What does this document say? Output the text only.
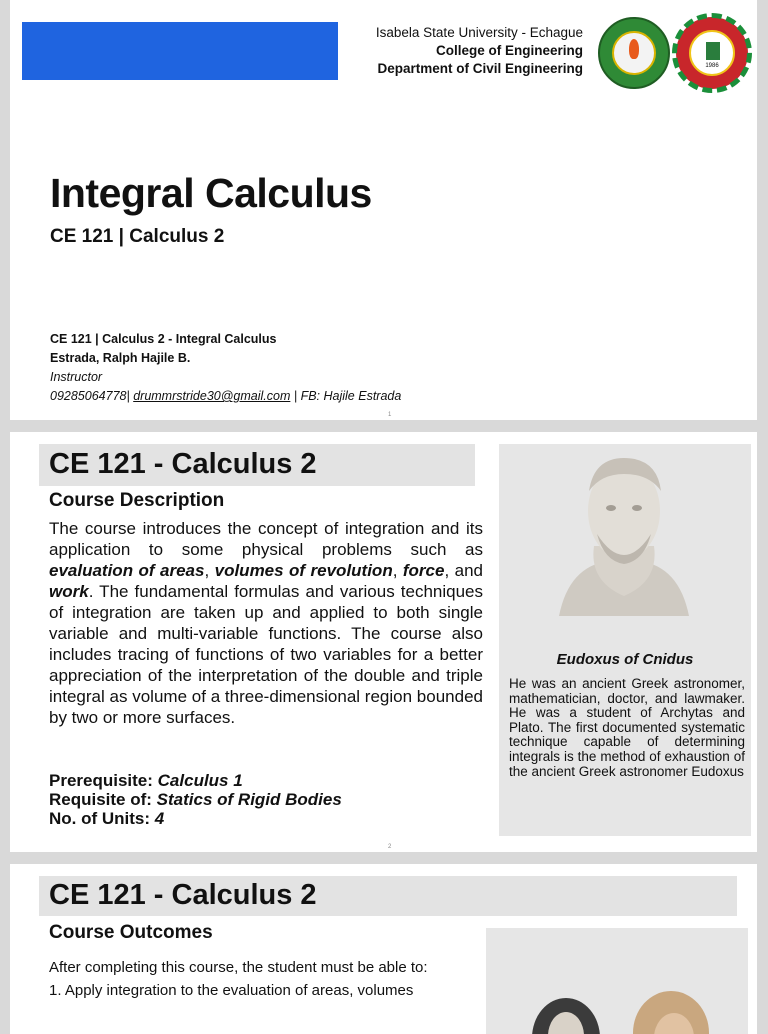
Isabela State University - Echague
College of Engineering
Department of Civil Engineering	1986
Integral Calculus
CE 121 | Calculus 2
CE 121 | Calculus 2 - Integral Calculus
Estrada, Ralph Hajile B.
Instructor
09285064778| drummrstride30@gmail.com | FB: Hajile Estrada
1
CE 121 - Calculus 2
Course Description
The course introduces the concept of integration and its application to some physical problems such as evaluation of areas, volumes of revolution, force, and work. The fundamental formulas and various techniques of integration are taken up and applied to both single variable and multi-variable functions. The course also includes tracing of functions of two variables for a better appreciation of the interpretation of the double and triple integral as volume of a three-dimensional region bounded by two or more surfaces.
Prerequisite: Calculus 1
Requisite of: Statics of Rigid Bodies
No. of Units: 4
Eudoxus of Cnidus
He was an ancient Greek astronomer, mathematician, doctor, and lawmaker. He was a student of Archytas and Plato. The first documented systematic technique capable of determining integrals is the method of exhaustion of the ancient Greek astronomer Eudoxus
2
CE 121 - Calculus 2
Course Outcomes
After completing this course, the student must be able to:
1. Apply integration to the evaluation of areas, volumes
